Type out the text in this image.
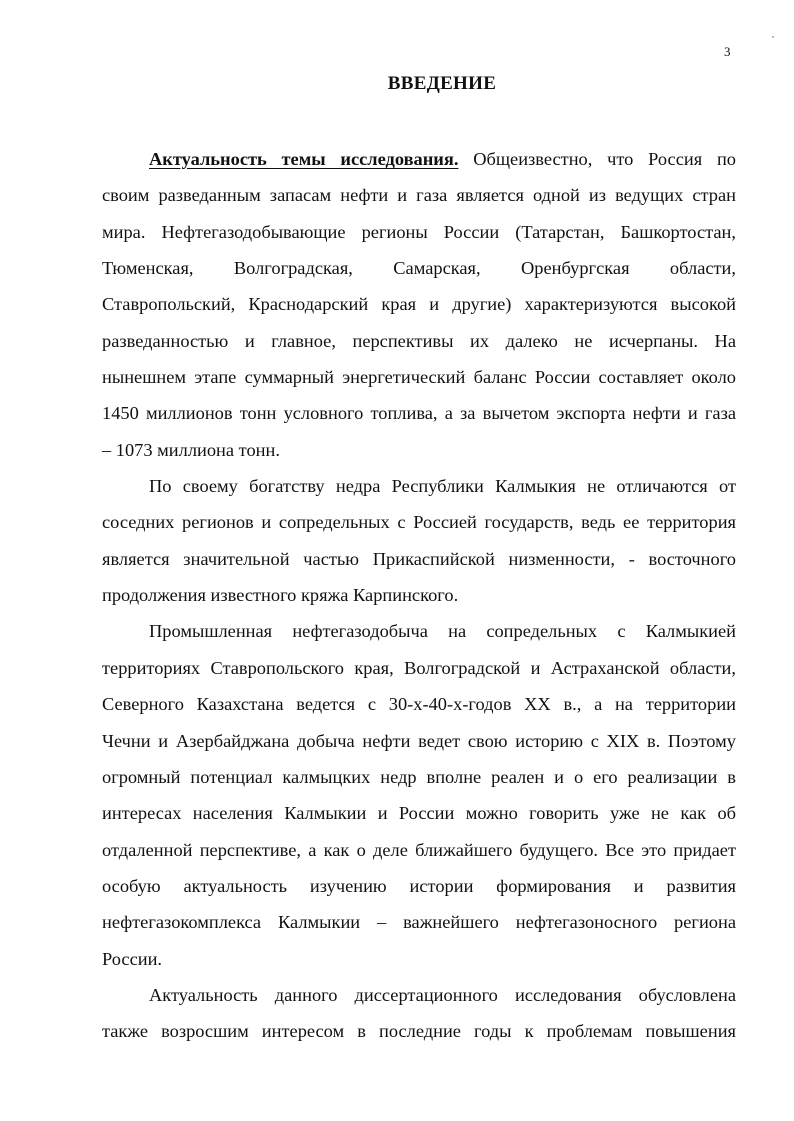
3
ВВЕДЕНИЕ
Актуальность темы исследования. Общеизвестно, что Россия по
своим разведанным запасам нефти и газа является одной из ведущих стран
мира. Нефтегазодобывающие регионы России (Татарстан, Башкортостан,
Тюменская, Волгоградская, Самарская, Оренбургская области,
Ставропольский, Краснодарский края и другие) характеризуются высокой
разведанностью и главное, перспективы их далеко не исчерпаны. На
нынешнем этапе суммарный энергетический баланс России составляет около
1450 миллионов тонн условного топлива, а за вычетом экспорта нефти и газа
– 1073 миллиона тонн.
По своему богатству недра Республики Калмыкия не отличаются от
соседних регионов и сопредельных с Россией государств, ведь ее территория
является значительной частью Прикаспийской низменности, - восточного
продолжения известного кряжа Карпинского.
Промышленная нефтегазодобыча на сопредельных с Калмыкией
территориях Ставропольского края, Волгоградской и Астраханской области,
Северного Казахстана ведется с 30-х-40-х-годов XX в., а на территории
Чечни и Азербайджана добыча нефти ведет свою историю с XIX в. Поэтому
огромный потенциал калмыцких недр вполне реален и о его реализации в
интересах населения Калмыкии и России можно говорить уже не как об
отдаленной перспективе, а как о деле ближайшего будущего. Все это придает
особую актуальность изучению истории формирования и развития
нефтегазокомплекса Калмыкии – важнейшего нефтегазоносного региона
России.
Актуальность данного диссертационного исследования обусловлена
также возросшим интересом в последние годы к проблемам повышения
